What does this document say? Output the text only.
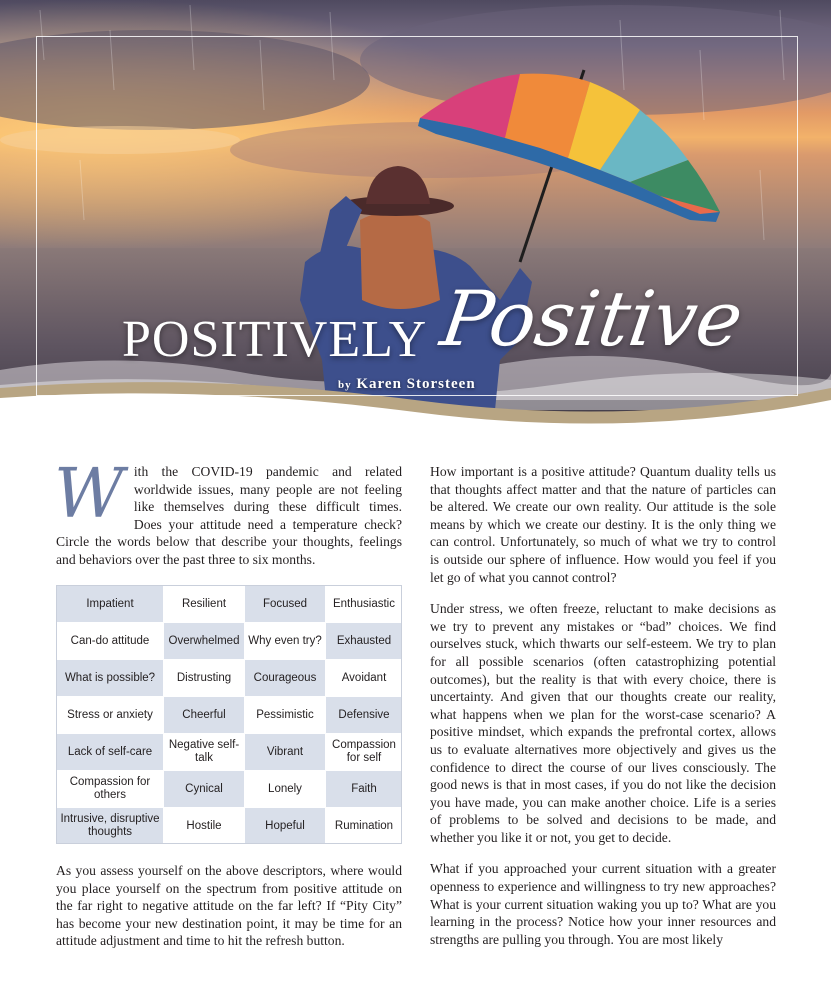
POSITIVELY Positive
by Karen Storsteen

With the COVID-19 pandemic and related worldwide issues, many people are not feeling like themselves during these difficult times. Does your attitude need a temperature check? Circle the words below that describe your thoughts, feelings and behaviors over the past three to six months.

Impatient	Resilient	Focused	Enthusiastic
Can-do attitude	Overwhelmed	Why even try?	Exhausted
What is possible?	Distrusting	Courageous	Avoidant
Stress or anxiety	Cheerful	Pessimistic	Defensive
Lack of self-care	Negative self-talk	Vibrant	Compassion for self
Compassion for others	Cynical	Lonely	Faith
Intrusive, disruptive thoughts	Hostile	Hopeful	Rumination
As you assess yourself on the above descriptors, where would you place yourself on the spectrum from positive attitude on the far right to negative attitude on the far left? If “Pity City” has become your new destination point, it may be time for an attitude adjustment and time to hit the refresh button.

How important is a positive attitude? Quantum duality tells us that thoughts affect matter and that the nature of particles can be altered. We create our own reality. Our attitude is the sole means by which we create our destiny. It is the only thing we can control. Unfortunately, so much of what we try to control is outside our sphere of influence. How would you feel if you let go of what you cannot control?

Under stress, we often freeze, reluctant to make decisions as we try to prevent any mistakes or “bad” choices. We find ourselves stuck, which thwarts our self-esteem. We try to plan for all possible scenarios (often catastrophizing potential outcomes), but the reality is that with every choice, there is uncertainty. And given that our thoughts create our reality, what happens when we plan for the worst-case scenario? A positive mindset, which expands the prefrontal cortex, allows us to evaluate alternatives more objectively and gives us the confidence to direct the course of our lives consciously. The good news is that in most cases, if you do not like the decision you have made, you can make another choice. Life is a series of problems to be solved and decisions to be made, and whether you like it or not, you get to decide.

What if you approached your current situation with a greater openness to experience and willingness to try new approaches? What is your current situation waking you up to? What are you learning in the process? Notice how your inner resources and strengths are pulling you through. You are most likely
